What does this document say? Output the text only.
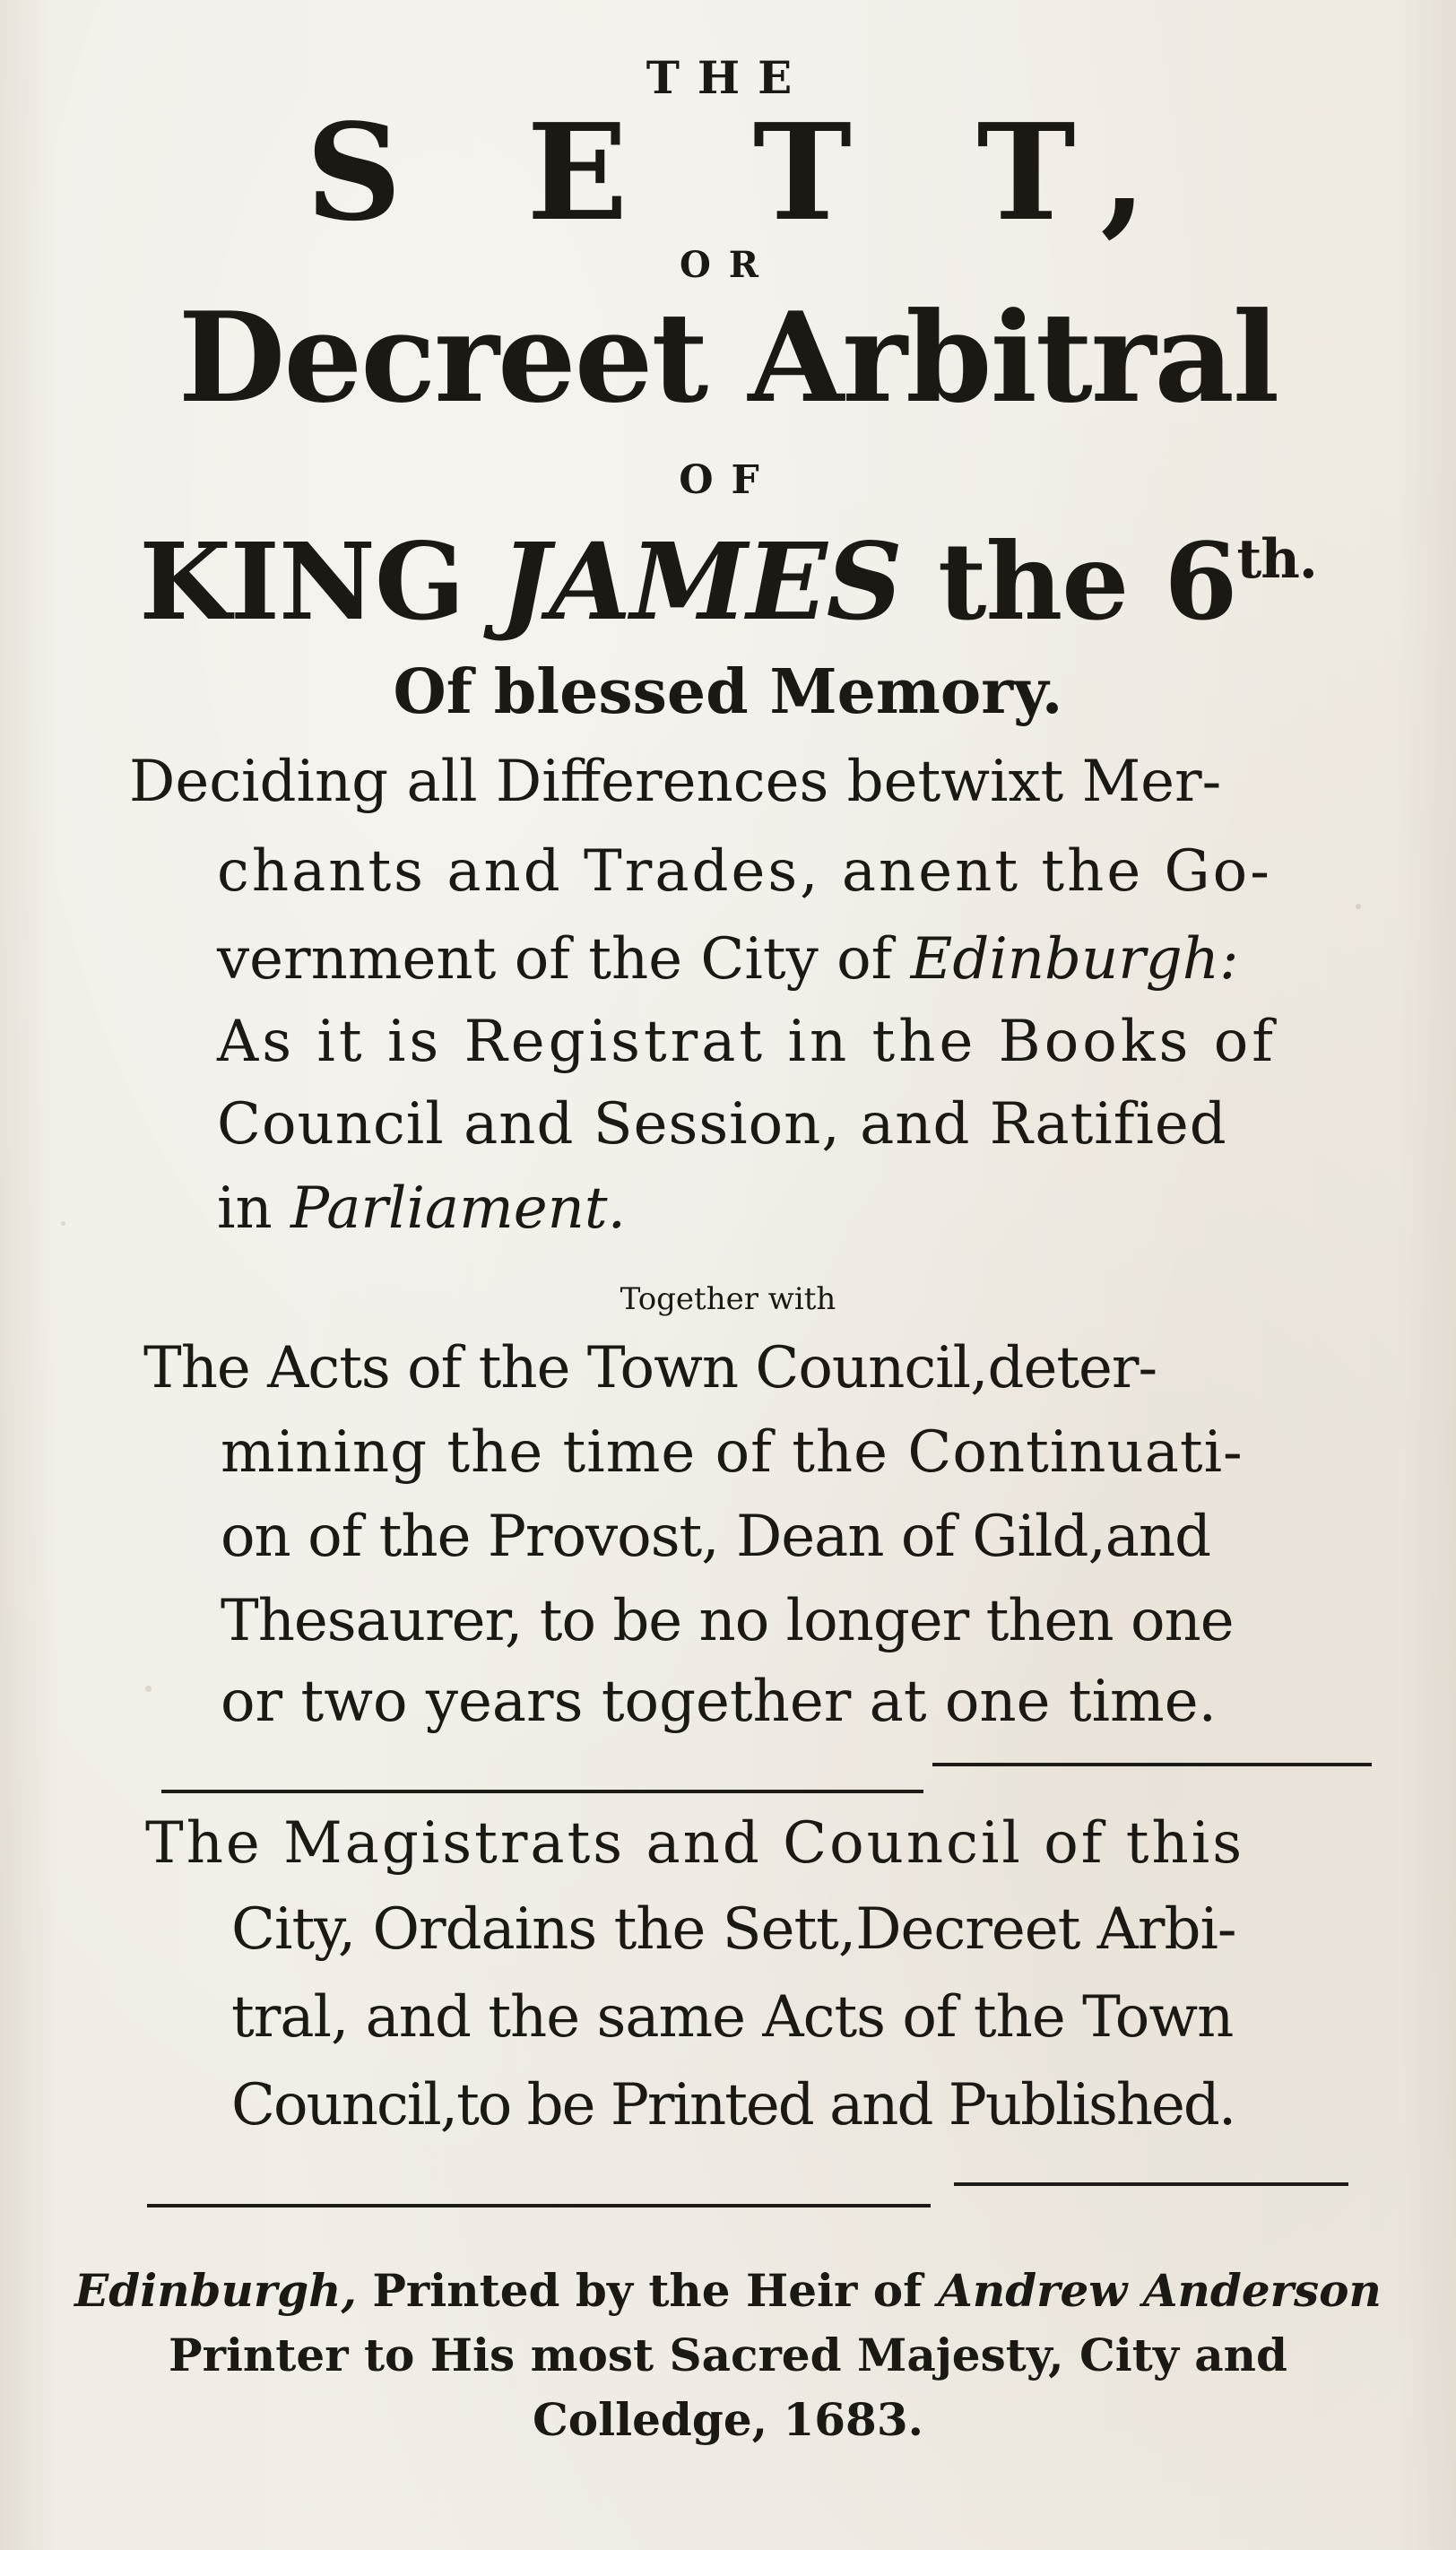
THE
S E T T,
OR
Decreet Arbitral
OF
KING JAMES the $6^{th.}$
Of blessed Memory.
Deciding all Differences betwixt Mer-
chants and Trades, anent the Go-
vernment of the City of Edinburgh:
As it is Registrat in the Books of
Council and Session, and Ratified
in Parliament.
Together with
The Acts of the Town Council,deter-
mining the time of the Continuati-
on of the Provost, Dean of Gild,and
Thesaurer, to be no longer then one
or two years together at one time.
The Magistrats and Council of this
City, Ordains the Sett,Decreet Arbi-
tral, and the same Acts of the Town
Council,to be Printed and Published.
Edinburgh, Printed by the Heir of Andrew Anderson
Printer to His most Sacred Majesty, City and
Colledge, 1683.
